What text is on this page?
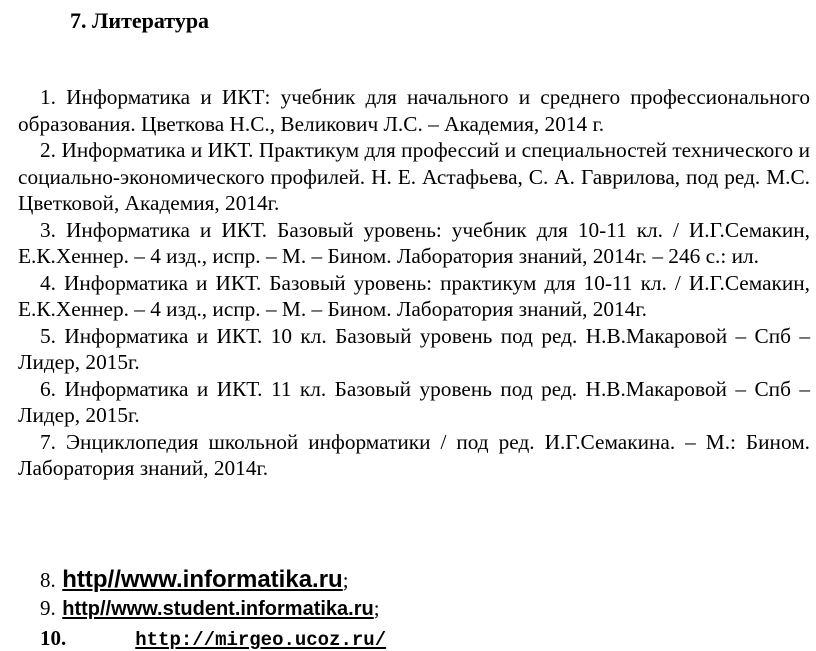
7. Литература

1. Информатика и ИКТ: учебник для начального и среднего профессионального образования. Цветкова Н.С., Великович Л.С. – Академия, 2014 г.

2. Информатика и ИКТ. Практикум для профессий и специальностей технического и социально-экономического профилей. Н. Е. Астафьева, С. А. Гаврилова, под ред. М.С. Цветковой, Академия, 2014г.

3. Информатика и ИКТ. Базовый уровень: учебник для 10-11 кл. / И.Г.Семакин, Е.К.Хеннер. – 4 изд., испр. – М. – Бином. Лаборатория знаний, 2014г. – 246 с.: ил.

4. Информатика и ИКТ. Базовый уровень: практикум для 10-11 кл. / И.Г.Семакин, Е.К.Хеннер. – 4 изд., испр. – М. – Бином. Лаборатория знаний, 2014г.

5. Информатика и ИКТ. 10 кл. Базовый уровень под ред. Н.В.Макаровой – Спб – Лидер, 2015г.

6. Информатика и ИКТ. 11 кл. Базовый уровень под ред. Н.В.Макаровой – Спб – Лидер, 2015г.

7. Энциклопедия школьной информатики / под ред. И.Г.Семакина. – М.: Бином. Лаборатория знаний, 2014г.

8. http//www.informatika.ru;
9. http//www.student.informatika.ru;
10.	http://mirgeo.ucoz.ru/
